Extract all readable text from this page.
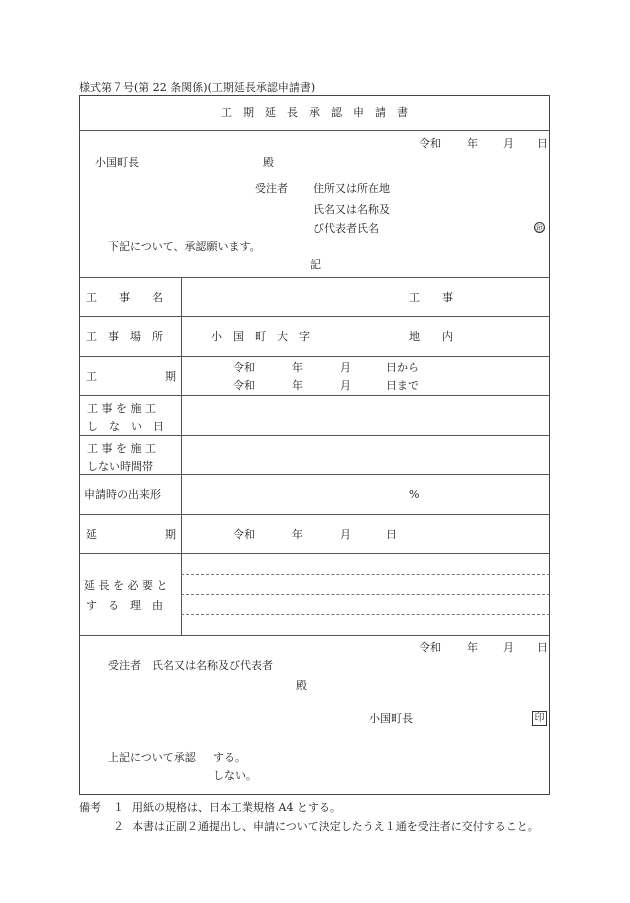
様式第７号(第 22 条関係)(工期延長承認申請書)
工　期　延　長　承　認　申　請　書
令和 年 月 日
小国町長	殿
受注者 住所又は所在地
氏名又は名称及
び代表者氏名	㊞
下記について、承認願います。
記
工　　事　　名	工　　事
工　事　場　所	小　国　町　大　字	地　　内
工	期
令和	年	月	日から
令和	年	月	日まで
工 事 を 施 工
し　な　い　日
工 事 を 施 工
しない時間帯
申請時の出来形	%
延	期	令和	年	月	日
延 長 を 必 要 と
す　る　理　由
令和 年 月 日
受注者　氏名又は名称及び代表者
殿
小国町長	印
上記について承認 する。
しない。
備考 １ 用紙の規格は、日本工業規格 A4 とする。
２ 本書は正副２通提出し、申請について決定したうえ１通を受注者に交付すること。
